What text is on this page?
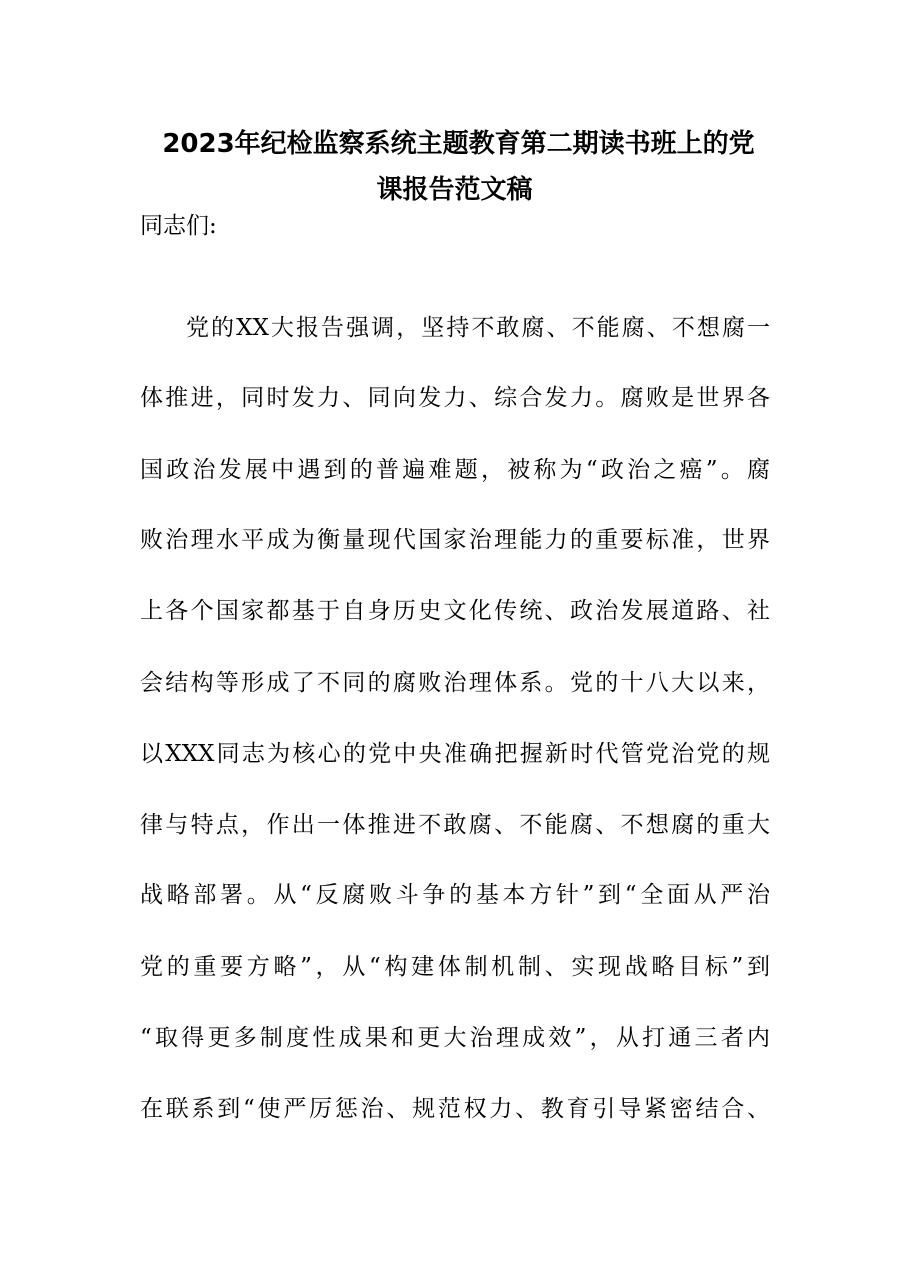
2023年纪检监察系统主题教育第二期读书班上的党
课报告范文稿
同志们:
党的XX大报告强调，坚持不敢腐、不能腐、不想腐一
体推进，同时发力、同向发力、综合发力。腐败是世界各
国政治发展中遇到的普遍难题，被称为“政治之癌”。腐
败治理水平成为衡量现代国家治理能力的重要标准，世界
上各个国家都基于自身历史文化传统、政治发展道路、社
会结构等形成了不同的腐败治理体系。党的十八大以来，
以XXX同志为核心的党中央准确把握新时代管党治党的规
律与特点，作出一体推进不敢腐、不能腐、不想腐的重大
战略部署。从“反腐败斗争的基本方针”到“全面从严治
党的重要方略”，从“构建体制机制、实现战略目标”到
“取得更多制度性成果和更大治理成效”，从打通三者内
在联系到“使严厉惩治、规范权力、教育引导紧密结合、
